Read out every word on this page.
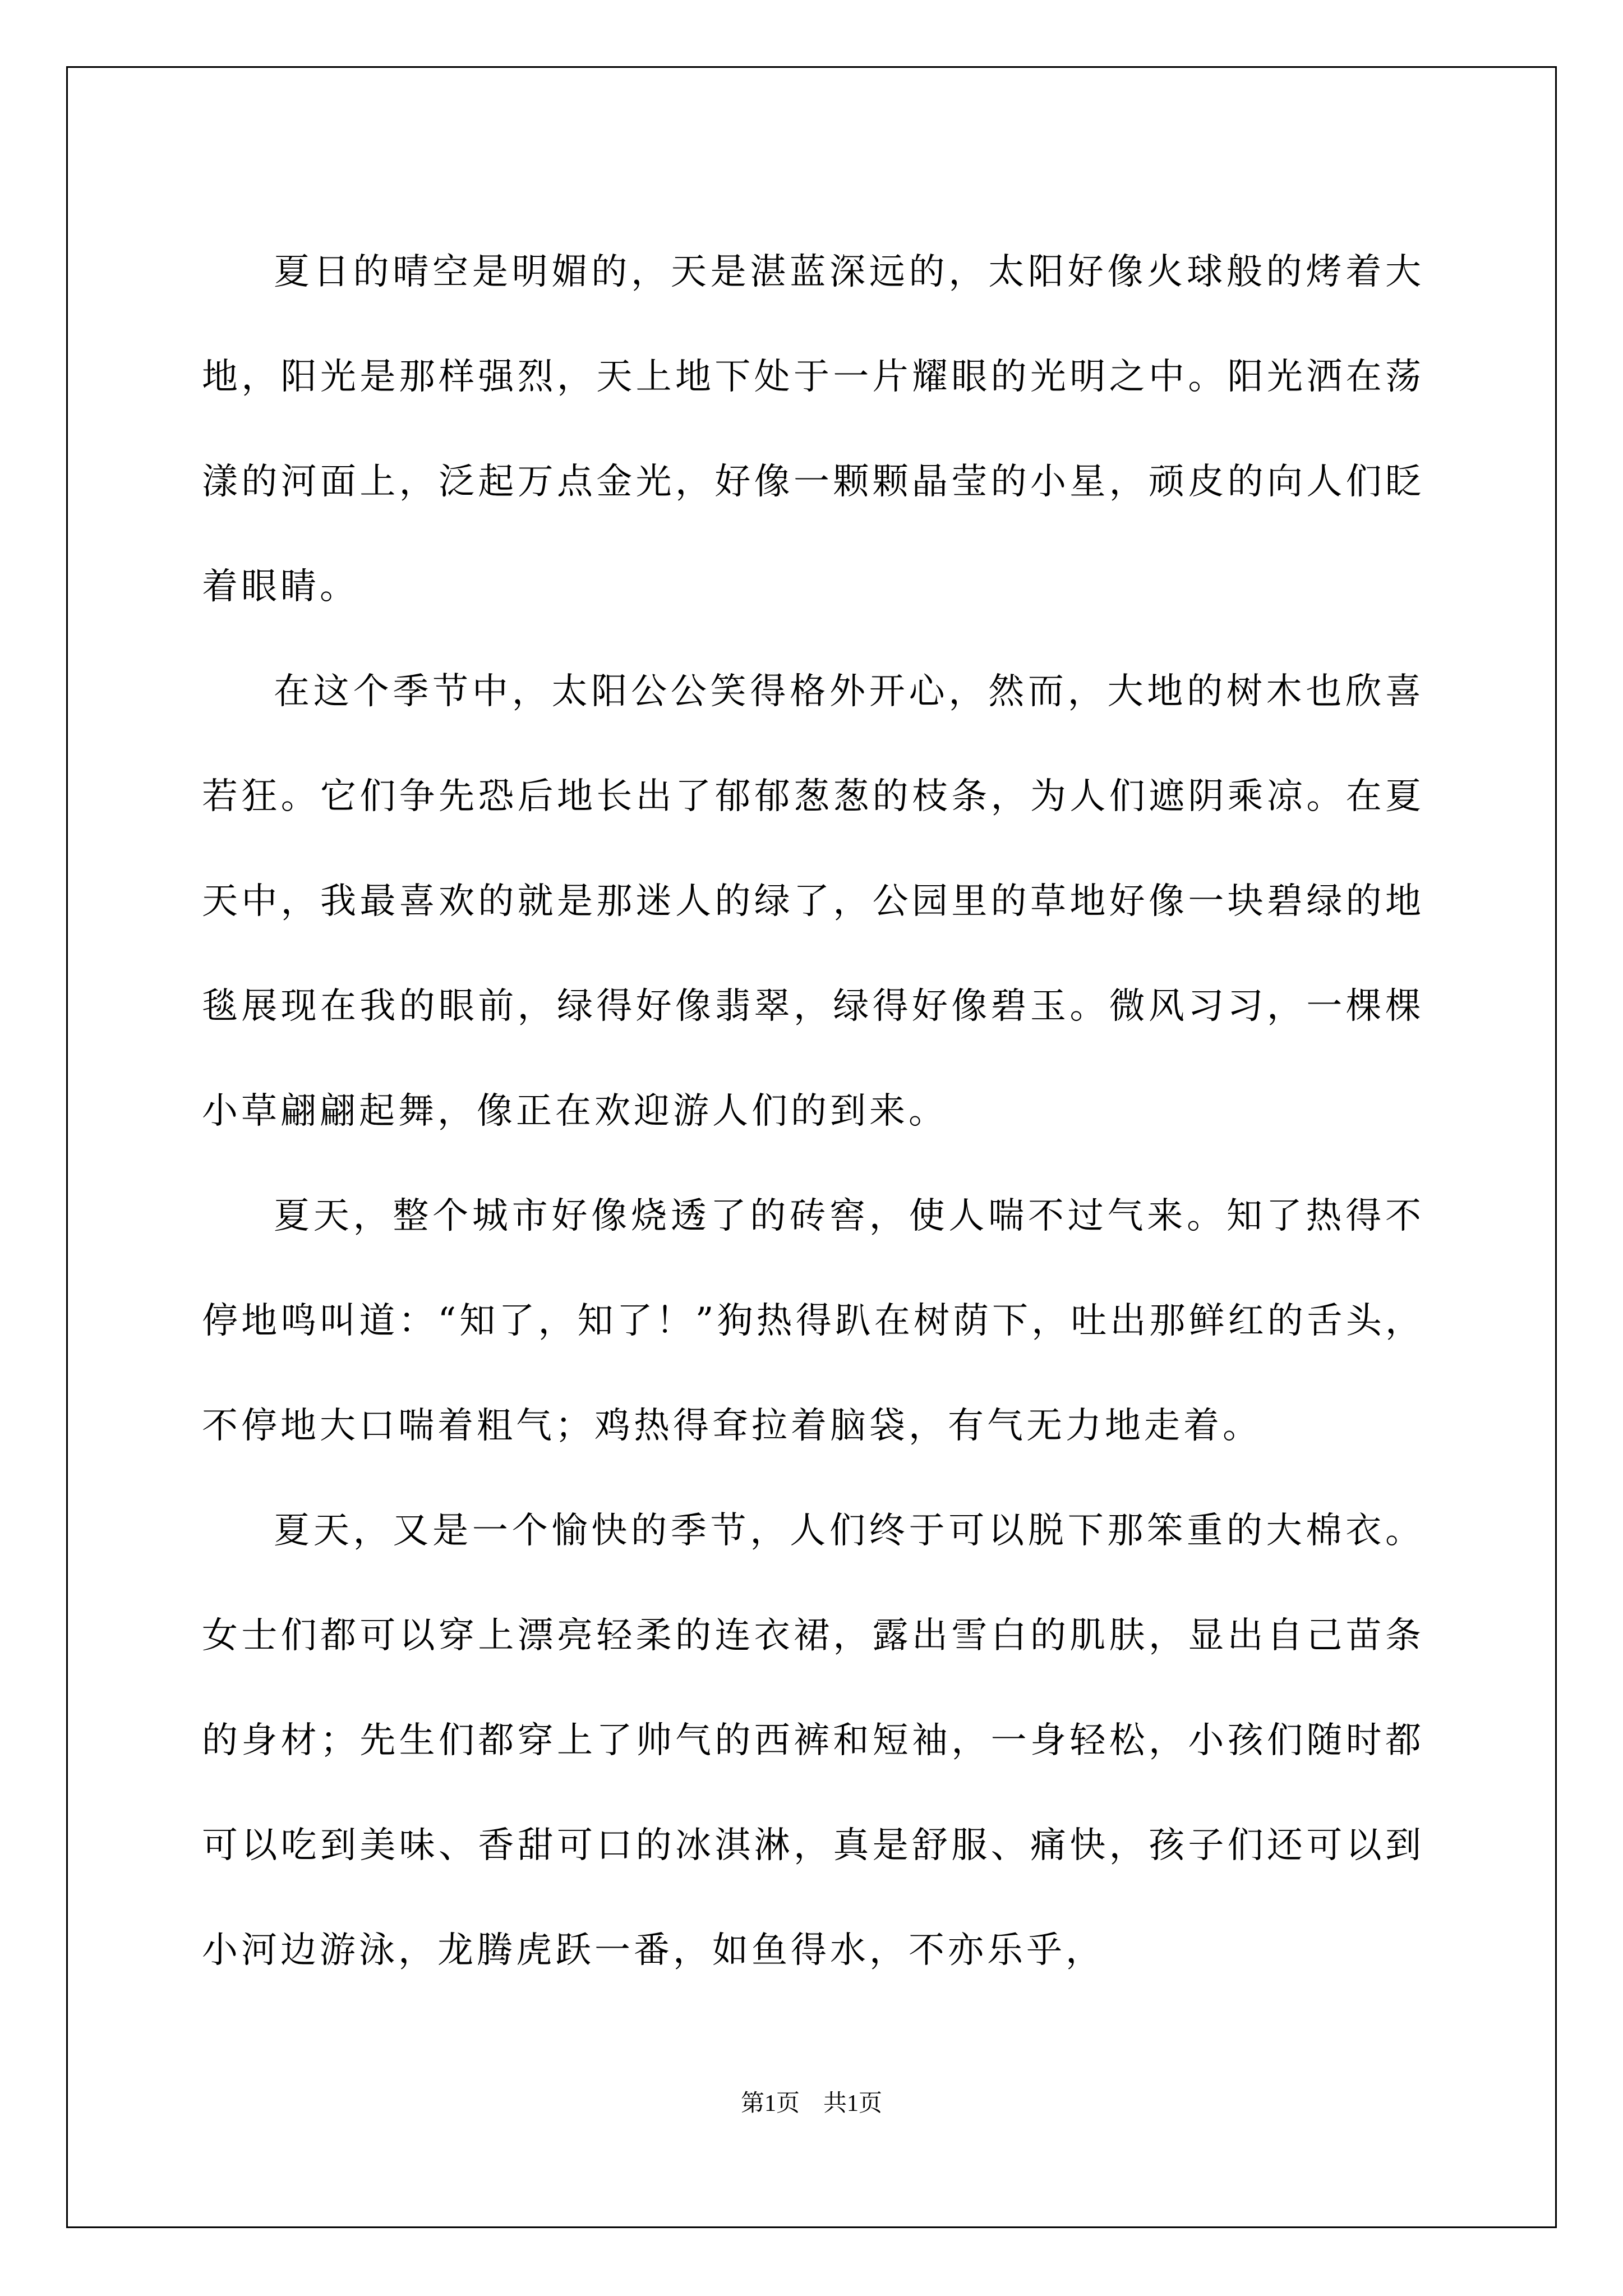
夏日的晴空是明媚的，天是湛蓝深远的，太阳好像火球般的烤着大地，阳光是那样强烈，天上地下处于一片耀眼的光明之中。阳光洒在荡漾的河面上，泛起万点金光，好像一颗颗晶莹的小星，顽皮的向人们眨着眼睛。

在这个季节中，太阳公公笑得格外开心，然而，大地的树木也欣喜若狂。它们争先恐后地长出了郁郁葱葱的枝条，为人们遮阴乘凉。在夏天中，我最喜欢的就是那迷人的绿了，公园里的草地好像一块碧绿的地毯展现在我的眼前，绿得好像翡翠，绿得好像碧玉。微风习习，一棵棵小草翩翩起舞，像正在欢迎游人们的到来。

夏天，整个城市好像烧透了的砖窖，使人喘不过气来。知了热得不停地鸣叫道：“知了，知了！”狗热得趴在树荫下，吐出那鲜红的舌头，不停地大口喘着粗气；鸡热得耷拉着脑袋，有气无力地走着。

夏天，又是一个愉快的季节，人们终于可以脱下那笨重的大棉衣。女士们都可以穿上漂亮轻柔的连衣裙，露出雪白的肌肤，显出自己苗条的身材；先生们都穿上了帅气的西裤和短袖，一身轻松，小孩们随时都可以吃到美味、香甜可口的冰淇淋，真是舒服、痛快，孩子们还可以到小河边游泳，龙腾虎跃一番，如鱼得水，不亦乐乎，

第1页　共1页
